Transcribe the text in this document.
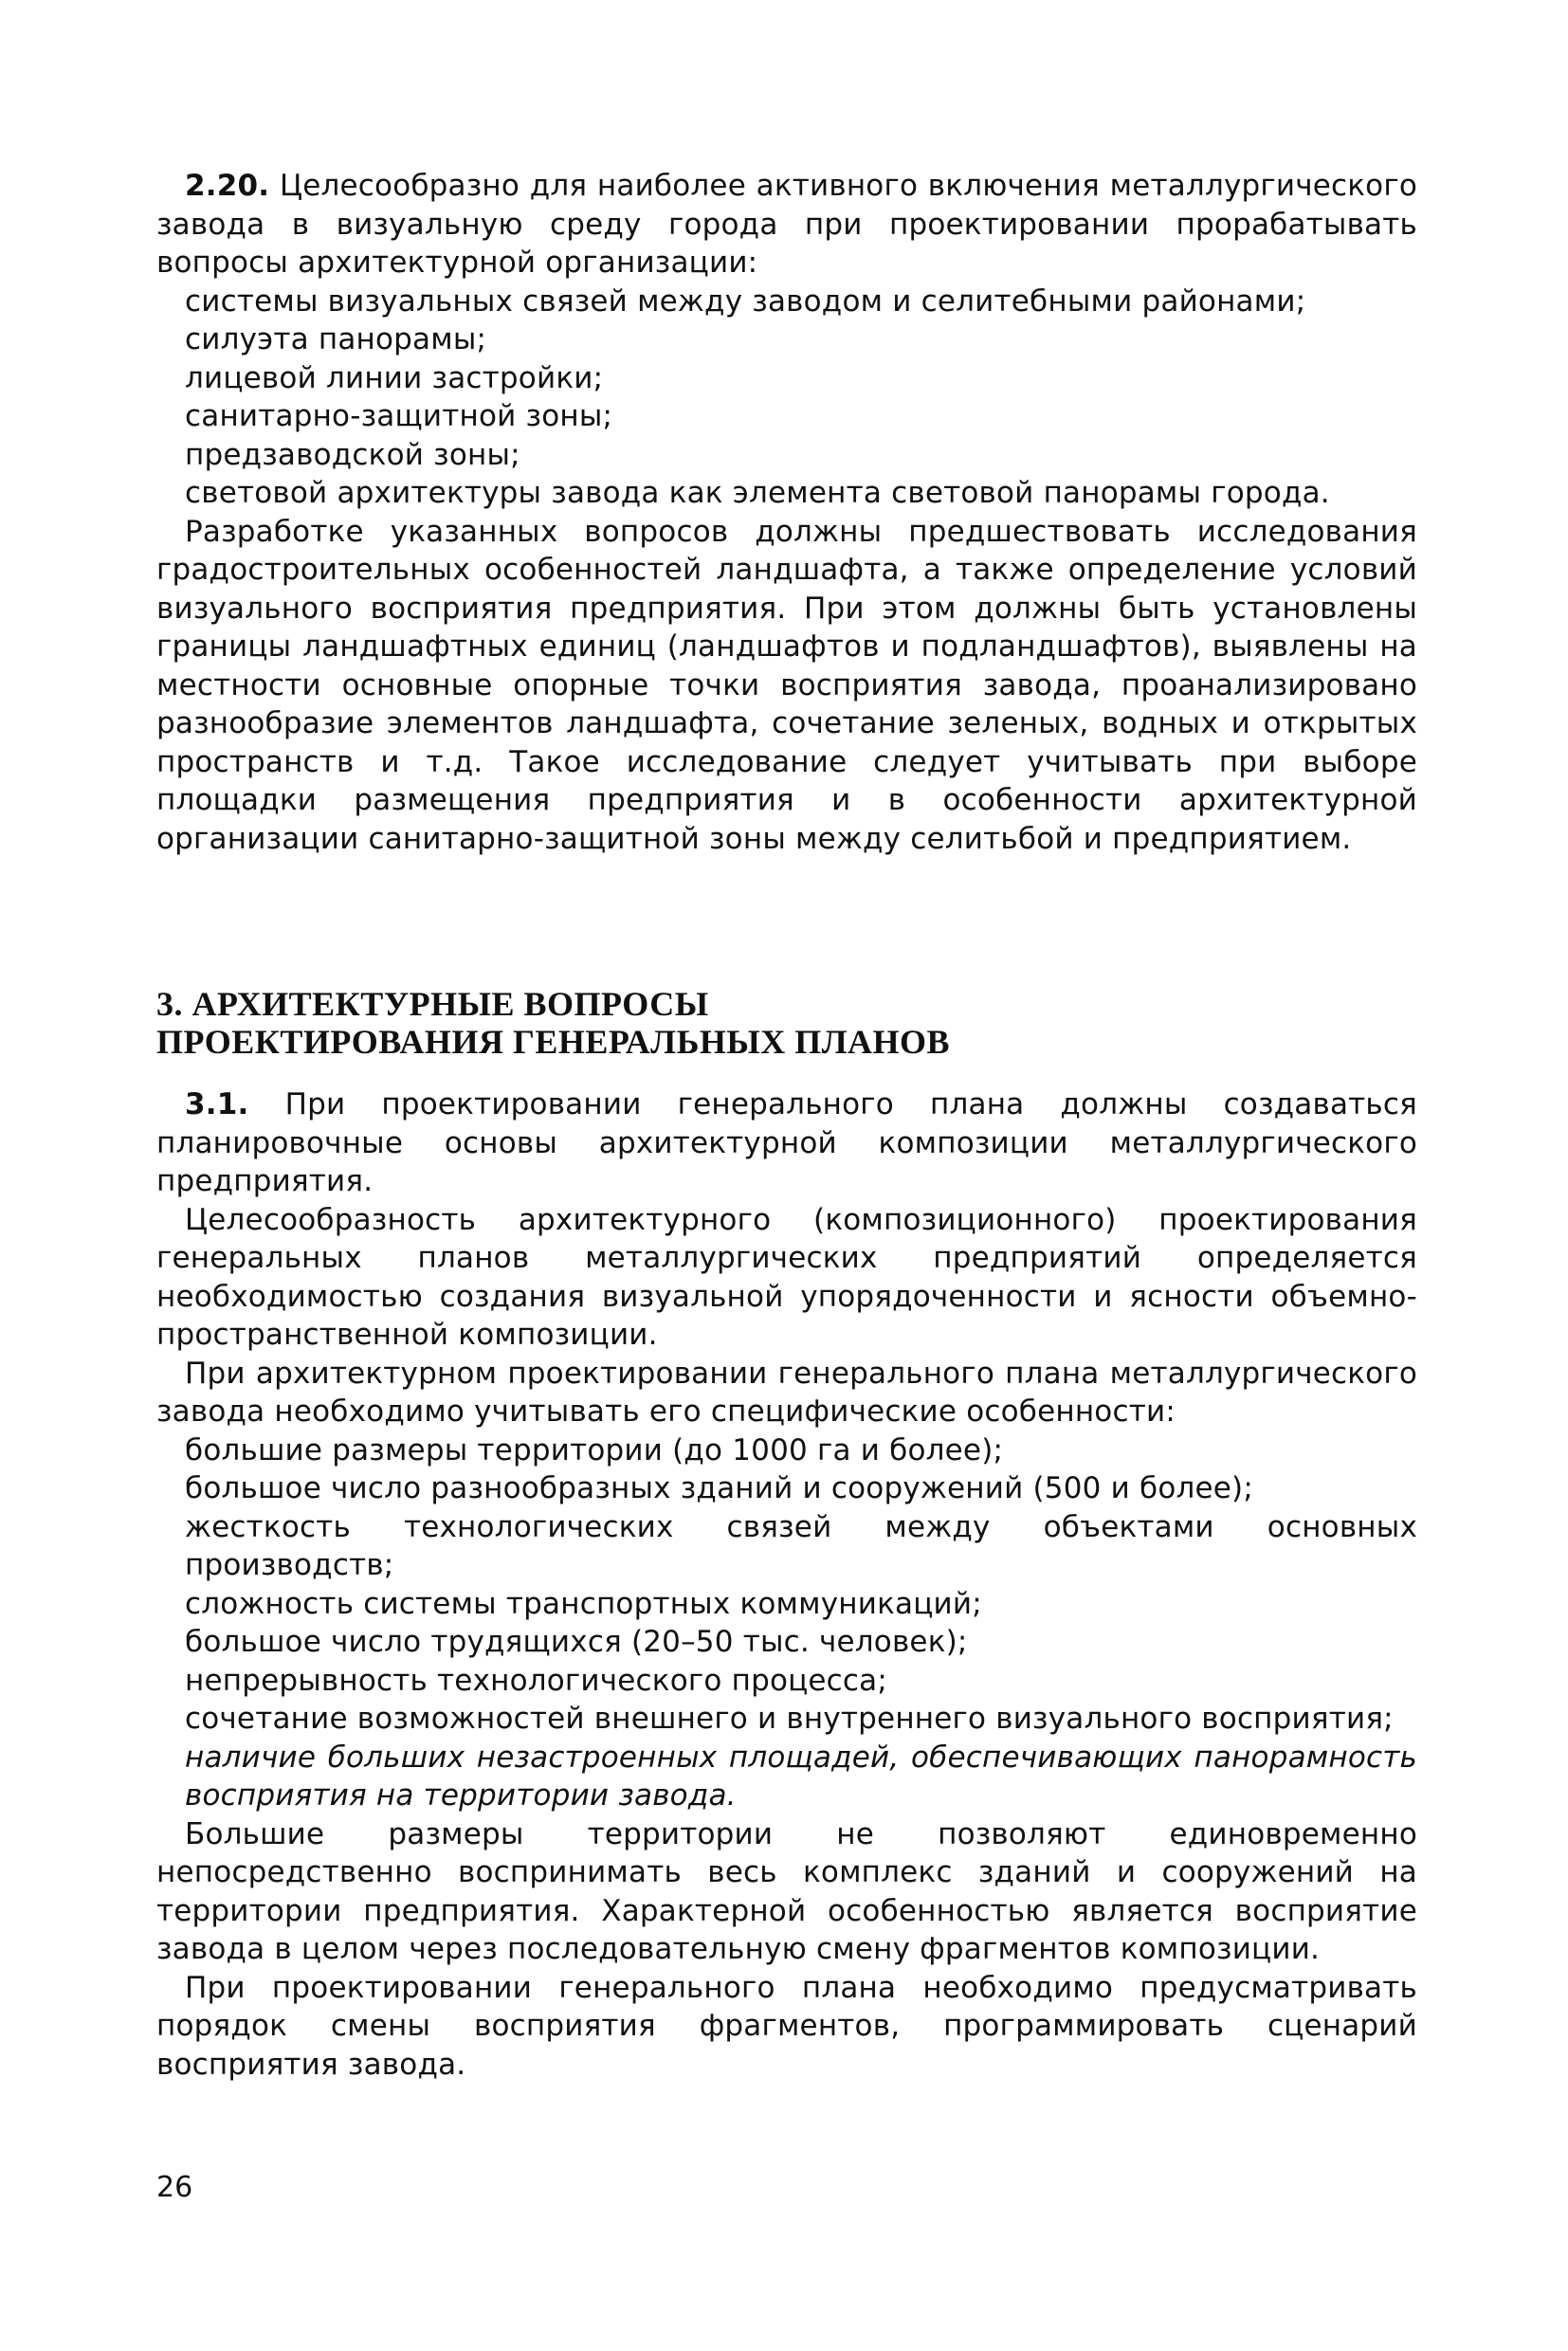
2.20. Целесообразно для наиболее активного включения металлургического завода в визуальную среду города при проектировании прорабатывать вопросы архитектурной организации:

системы визуальных связей между заводом и селитебными районами;

силуэта панорамы;

лицевой линии застройки;

санитарно-защитной зоны;

предзаводской зоны;

световой архитектуры завода как элемента световой панорамы города.

Разработке указанных вопросов должны предшествовать исследования градостроительных особенностей ландшафта, а также определение условий визуального восприятия предприятия. При этом должны быть установлены границы ландшафтных единиц (ландшафтов и подландшафтов), выявлены на местности основные опорные точки восприятия завода, проанализировано разнообразие элементов ландшафта, сочетание зеленых, водных и открытых пространств и т.д. Такое исследование следует учитывать при выборе площадки размещения предприятия и в особенности архитектурной организации санитарно-защитной зоны между селитьбой и предприятием.

3. АРХИТЕКТУРНЫЕ ВОПРОСЫ
ПРОЕКТИРОВАНИЯ ГЕНЕРАЛЬНЫХ ПЛАНОВ

3.1. При проектировании генерального плана должны создаваться планировочные основы архитектурной композиции металлургического предприятия.

Целесообразность архитектурного (композиционного) проектирования генеральных планов металлургических предприятий определяется необходимостью создания визуальной упорядоченности и ясности объемно-пространственной композиции.

При архитектурном проектировании генерального плана металлургического завода необходимо учитывать его специфические особенности:

большие размеры территории (до 1000 га и более);

большое число разнообразных зданий и сооружений (500 и более);

жесткость технологических связей между объектами основных производств;

сложность системы транспортных коммуникаций;

большое число трудящихся (20–50 тыс. человек);

непрерывность технологического процесса;

сочетание возможностей внешнего и внутреннего визуального восприятия;

наличие больших незастроенных площадей, обеспечивающих панорамность восприятия на территории завода.

Большие размеры территории не позволяют единовременно непосредственно воспринимать весь комплекс зданий и сооружений на территории предприятия. Характерной особенностью является восприятие завода в целом через последовательную смену фрагментов композиции.

При проектировании генерального плана необходимо предусматривать порядок смены восприятия фрагментов, программировать сценарий восприятия завода.

26
